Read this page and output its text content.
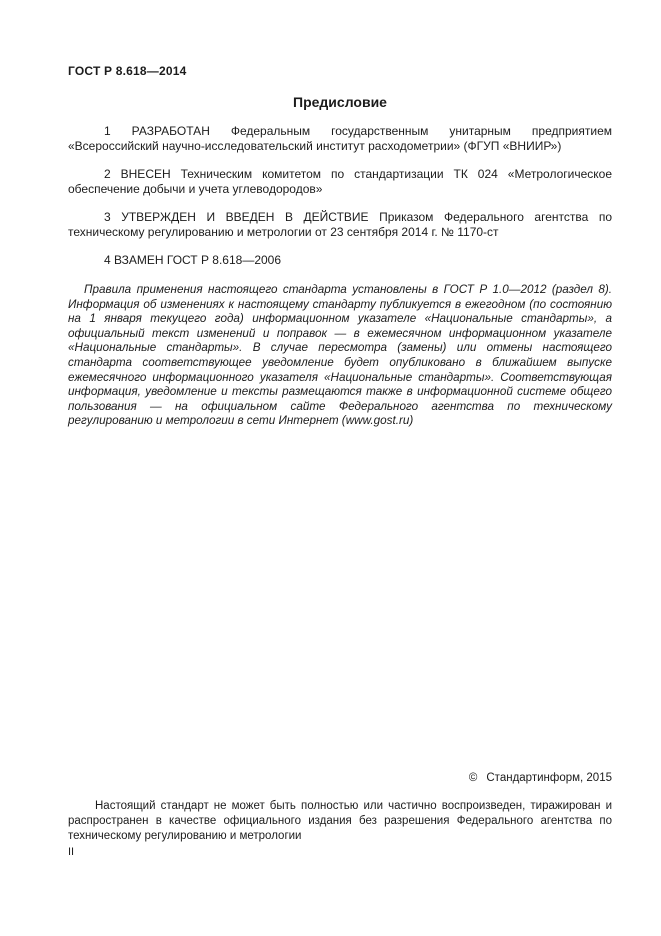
ГОСТ Р 8.618—2014
Предисловие

1 РАЗРАБОТАН Федеральным государственным унитарным предприятием «Всероссийский научно-исследовательский институт расходометрии» (ФГУП «ВНИИР»)

2 ВНЕСЕН Техническим комитетом по стандартизации ТК 024 «Метрологическое обеспечение добычи и учета углеводородов»

3 УТВЕРЖДЕН И ВВЕДЕН В ДЕЙСТВИЕ Приказом Федерального агентства по техническому регулированию и метрологии от 23 сентября 2014 г. № 1170-ст

4 ВЗАМЕН ГОСТ Р 8.618—2006

Правила применения настоящего стандарта установлены в ГОСТ Р 1.0—2012 (раздел 8). Информация об изменениях к настоящему стандарту публикуется в ежегодном (по состоянию на 1 января текущего года) информационном указателе «Национальные стандарты», а официальный текст изменений и поправок — в ежемесячном информационном указателе «Национальные стандарты». В случае пересмотра (замены) или отмены настоящего стандарта соответствующее уведомление будет опубликовано в ближайшем выпуске ежемесячного информационного указателя «Национальные стандарты». Соответствующая информация, уведомление и тексты размещаются также в информационной системе общего пользования — на официальном сайте Федерального агентства по техническому регулированию и метрологии в сети Интернет (www.gost.ru)

© Стандартинформ, 2015
Настоящий стандарт не может быть полностью или частично воспроизведен, тиражирован и распространен в качестве официального издания без разрешения Федерального агентства по техническому регулированию и метрологии
II
